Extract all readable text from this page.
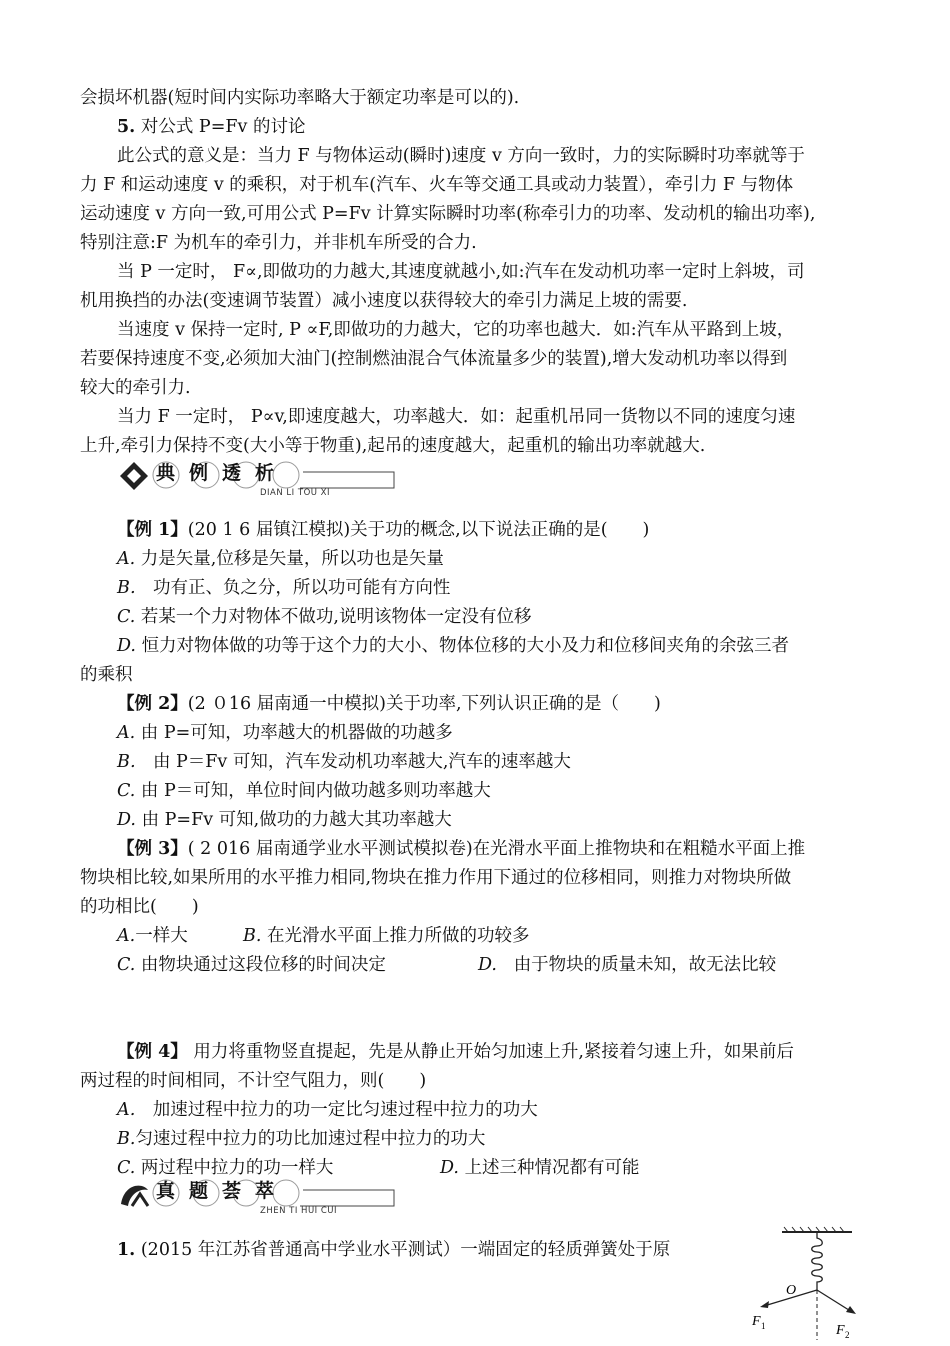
会损坏机器(短时间内实际功率略大于额定功率是可以的).
5. 对公式 P=Fv 的讨论
此公式的意义是：当力 F 与物体运动(瞬时)速度 v 方向一致时，力的实际瞬时功率就等于
力 F 和运动速度 v 的乘积，对于机车(汽车、火车等交通工具或动力装置），牵引力 F 与物体
运动速度 v 方向一致,可用公式 P=Fv 计算实际瞬时功率(称牵引力的功率、发动机的输出功率),
特别注意:F 为机车的牵引力，并非机车所受的合力.
当 P 一定时， F∝,即做功的力越大,其速度就越小,如:汽车在发动机功率一定时上斜坡，司
机用换挡的办法(变速调节装置）减小速度以获得较大的牵引力满足上坡的需要.
当速度 v 保持一定时, P ∝F,即做功的力越大，它的功率也越大．如:汽车从平路到上坡，
若要保持速度不变,必须加大油门(控制燃油混合气体流量多少的装置),增大发动机功率以得到
较大的牵引力.
当力 F 一定时， P∝v,即速度越大，功率越大．如：起重机吊同一货物以不同的速度匀速
上升,牵引力保持不变(大小等于物重),起吊的速度越大，起重机的输出功率就越大.
典例透析
DIAN LI TOU XI
【例 1】(20 1 6 届镇江模拟)关于功的概念,以下说法正确的是(　　)
A. 力是矢量,位移是矢量，所以功也是矢量
B． 功有正、负之分，所以功可能有方向性
C. 若某一个力对物体不做功,说明该物体一定没有位移
D. 恒力对物体做的功等于这个力的大小、物体位移的大小及力和位移间夹角的余弦三者
的乘积
【例 2】(2 ０16 届南通一中模拟)关于功率,下列认识正确的是（　　)
A. 由 P=可知，功率越大的机器做的功越多
B． 由 P＝Fv 可知，汽车发动机功率越大,汽车的速率越大
C. 由 P＝可知，单位时间内做功越多则功率越大
D. 由 P=Fv 可知,做功的力越大其功率越大
【例 3】( 2 016 届南通学业水平测试模拟卷)在光滑水平面上推物块和在粗糙水平面上推
物块相比较,如果所用的水平推力相同,物块在推力作用下通过的位移相同，则推力对物块所做
的功相比(　　)
A.一样大	B. 在光滑水平面上推力所做的功较多
C. 由物块通过这段位移的时间决定	D. 由于物块的质量未知，故无法比较
【例 4】 用力将重物竖直提起，先是从静止开始匀加速上升,紧接着匀速上升，如果前后
两过程的时间相同，不计空气阻力，则(　　)
A． 加速过程中拉力的功一定比匀速过程中拉力的功大
B.匀速过程中拉力的功比加速过程中拉力的功大
C. 两过程中拉力的功一样大	D. 上述三种情况都有可能
真题荟萃
ZHEN TI HUI CUI
1. (2015 年江苏省普通高中学业水平测试）一端固定的轻质弹簧处于原
O
F 1	F 2
